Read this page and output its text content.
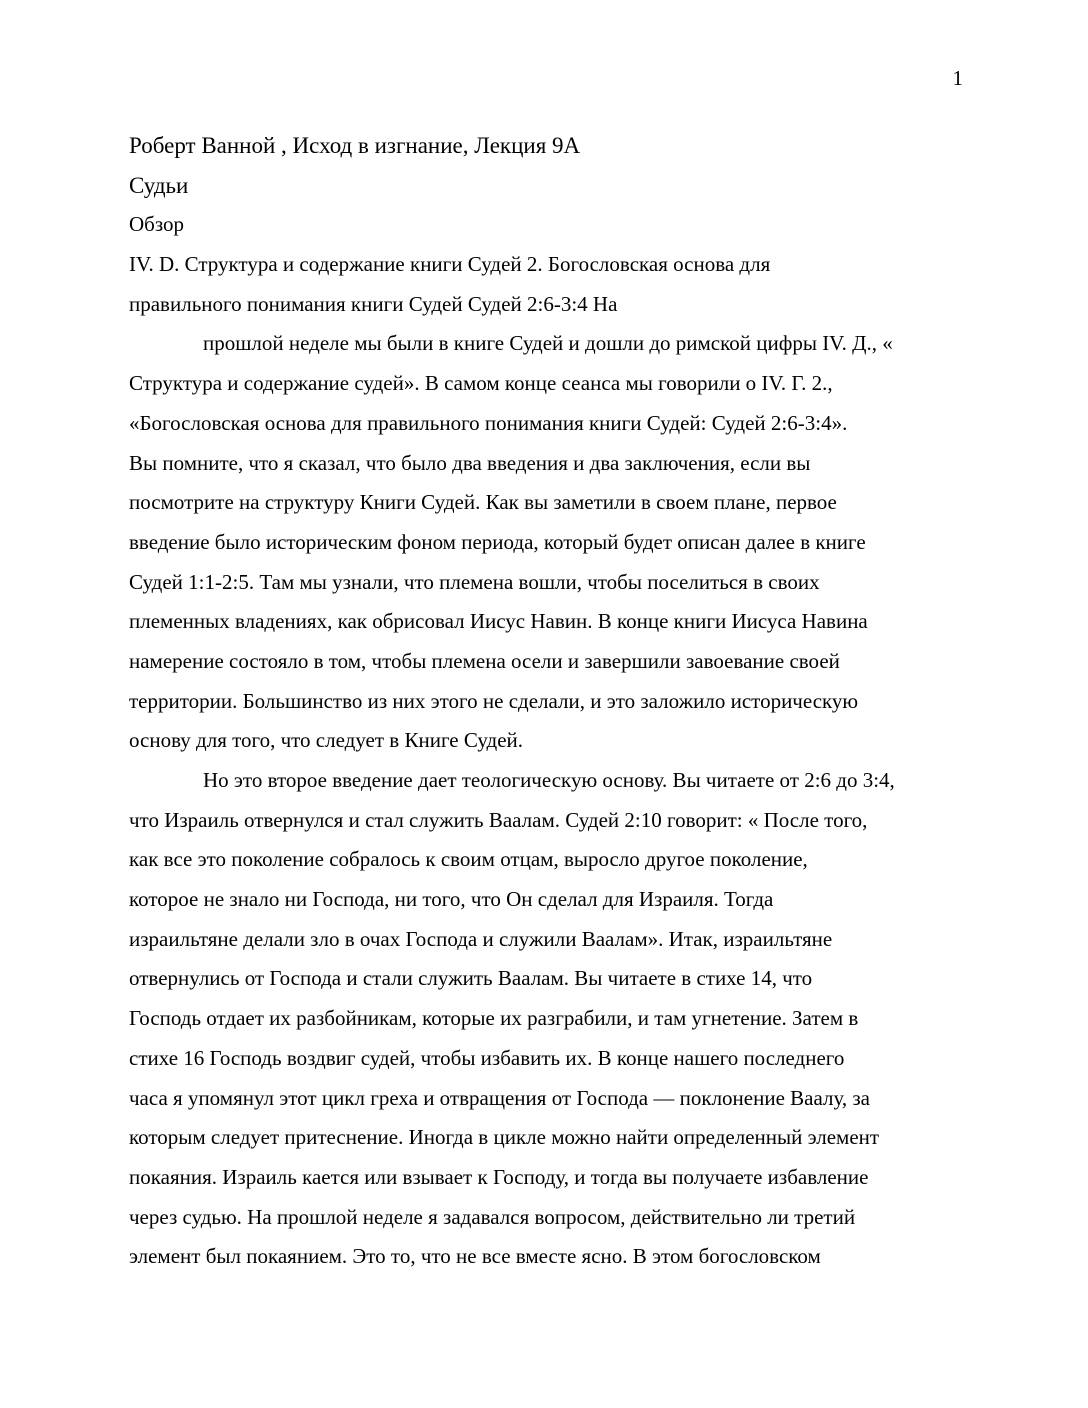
1
Роберт Ванной , Исход в изгнание, Лекция 9А
Судьи
Обзор
IV. D. Структура и содержание книги Судей 2. Богословская основа для
правильного понимания книги Судей Судей 2:6-3:4 На
прошлой неделе мы были в книге Судей и дошли до римской цифры IV. Д., «
Структура и содержание судей». В самом конце сеанса мы говорили о IV. Г. 2.,
«Богословская основа для правильного понимания книги Судей: Судей 2:6-3:4».
Вы помните, что я сказал, что было два введения и два заключения, если вы
посмотрите на структуру Книги Судей. Как вы заметили в своем плане, первое
введение было историческим фоном периода, который будет описан далее в книге
Судей 1:1-2:5. Там мы узнали, что племена вошли, чтобы поселиться в своих
племенных владениях, как обрисовал Иисус Навин. В конце книги Иисуса Навина
намерение состояло в том, чтобы племена осели и завершили завоевание своей
территории. Большинство из них этого не сделали, и это заложило историческую
основу для того, что следует в Книге Судей.
Но это второе введение дает теологическую основу. Вы читаете от 2:6 до 3:4,
что Израиль отвернулся и стал служить Ваалам. Судей 2:10 говорит: « После того,
как все это поколение собралось к своим отцам, выросло другое поколение,
которое не знало ни Господа, ни того, что Он сделал для Израиля. Тогда
израильтяне делали зло в очах Господа и служили Ваалам». Итак, израильтяне
отвернулись от Господа и стали служить Ваалам. Вы читаете в стихе 14, что
Господь отдает их разбойникам, которые их разграбили, и там угнетение. Затем в
стихе 16 Господь воздвиг судей, чтобы избавить их. В конце нашего последнего
часа я упомянул этот цикл греха и отвращения от Господа — поклонение Ваалу, за
которым следует притеснение. Иногда в цикле можно найти определенный элемент
покаяния. Израиль кается или взывает к Господу, и тогда вы получаете избавление
через судью. На прошлой неделе я задавался вопросом, действительно ли третий
элемент был покаянием. Это то, что не все вместе ясно. В этом богословском
